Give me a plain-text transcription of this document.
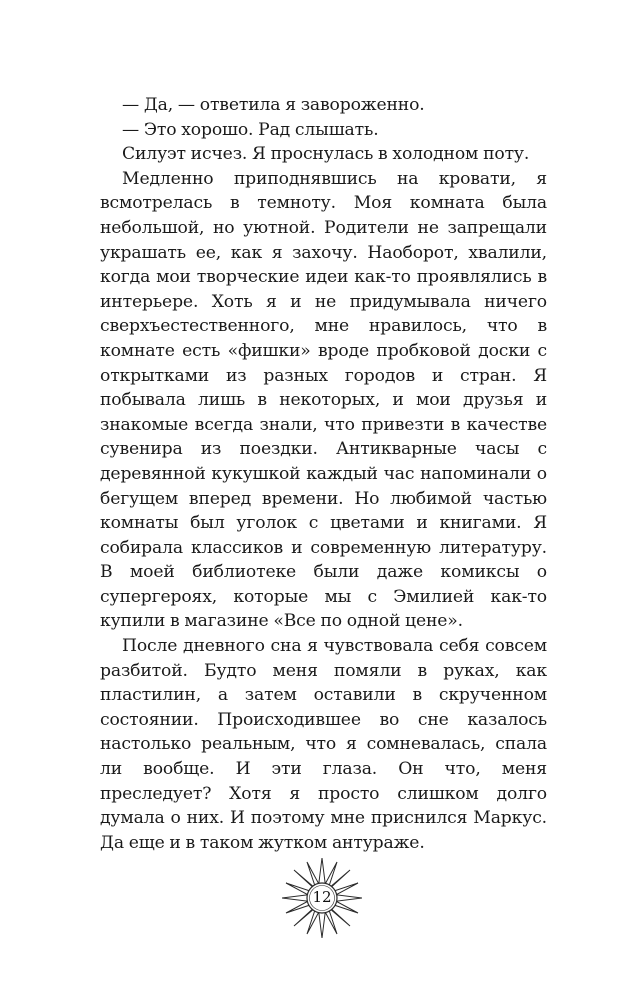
— Да, — ответила я завороженно.

— Это хорошо. Рад слышать.

Силуэт исчез. Я проснулась в холодном поту.

Медленно приподнявшись на кровати, я всмотрелась в темноту. Моя комната была небольшой, но уютной. Родители не запрещали украшать ее, как я захочу. Наоборот, хвалили, когда мои творческие идеи как-то проявлялись в интерьере. Хоть я и не придумывала ничего сверхъестественного, мне нравилось, что в комнате есть «фишки» вроде пробковой доски с открытками из разных городов и стран. Я побывала лишь в некоторых, и мои друзья и знакомые всегда знали, что привезти в качестве сувенира из поездки. Антикварные часы с деревянной кукушкой каждый час напоминали о бегущем вперед времени. Но любимой частью комнаты был уголок с цветами и книгами. Я собирала классиков и современную литературу. В моей библиотеке были даже комиксы о супергероях, которые мы с Эмилией как-то купили в магазине «Все по одной цене».

После дневного сна я чувствовала себя совсем разбитой. Будто меня помяли в руках, как пластилин, а затем оставили в скрученном состоянии. Происходившее во сне казалось настолько реальным, что я сомневалась, спала ли вообще. И эти глаза. Он что, меня преследует? Хотя я просто слишком долго думала о них. И поэтому мне приснился Маркус. Да еще и в таком жутком антураже.

12
